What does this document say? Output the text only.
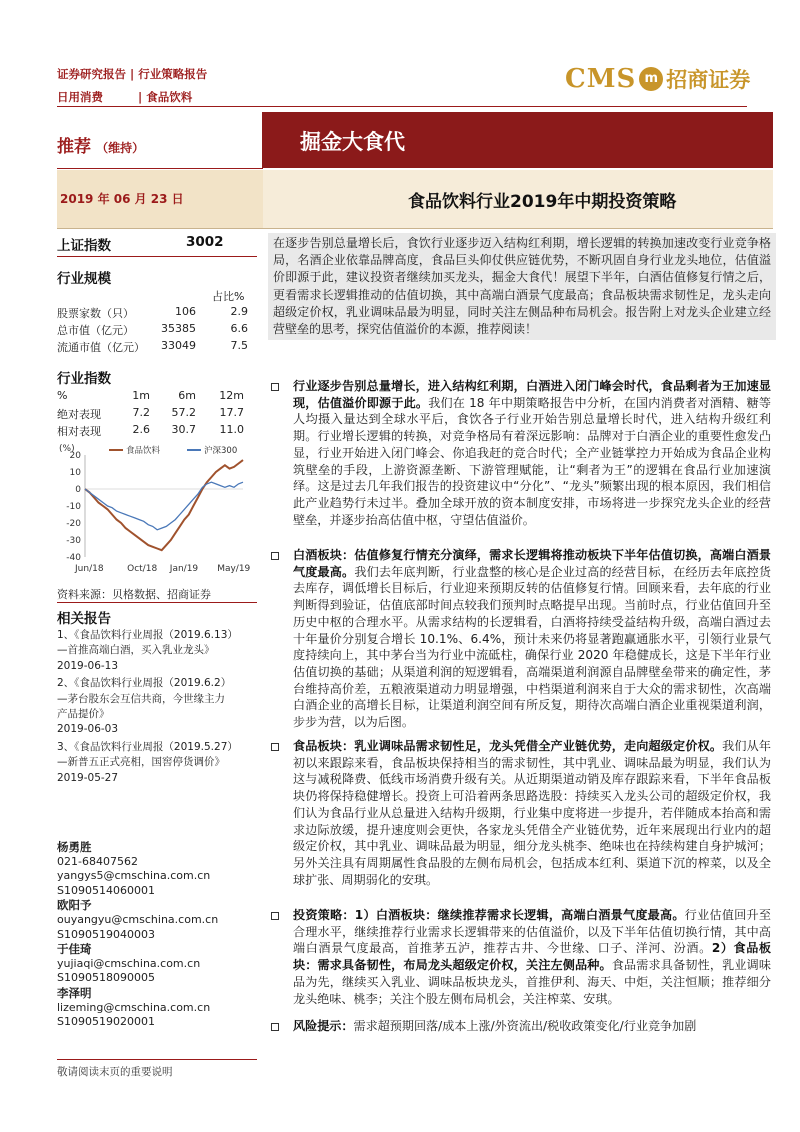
证券研究报告 | 行业策略报告
日用消费	| 食品饮料
CMS m 招商证券
推荐 （维持）	掘金大食代
2019 年 06 月 23 日	食品饮料行业2019年中期投资策略
上证指数	3002
行业规模
占比%
股票家数（只）	106	2.9
总市值（亿元）	35385	6.6
流通市值（亿元）	33049	7.5
行业指数
%	1m	6m	12m
绝对表现	7.2	57.2	17.7
相对表现	2.6	30.7	11.0
(%)
20
10
0
-10
-20
-30
-40
Jun/18	Oct/18 Jan/19 May/19
食品饮料	沪深300
资料来源：贝格数据、招商证券
相关报告
1、《食品饮料行业周报（2019.6.13）
—首推高端白酒，买入乳业龙头》
2019-06-13
2、《食品饮料行业周报（2019.6.2）
—茅台股东会互信共商，今世缘主力
产品提价》
2019-06-03
3、《食品饮料行业周报（2019.5.27）
—新普五正式亮相，国窖停货调价》
2019-05-27
杨勇胜
021-68407562
yangys5@cmschina.com.cn
S1090514060001
欧阳予
ouyangyu@cmschina.com.cn
S1090519040003
于佳琦
yujiaqi@cmschina.com.cn
S1090518090005
李泽明
lizeming@cmschina.com.cn
S1090519020001
敬请阅读末页的重要说明
在逐步告别总量增长后，食饮行业逐步迈入结构红利期，增长逻辑的转换加速改变行业竞争格局，名酒企业依靠品牌高度，食品巨头仰仗供应链优势，不断巩固自身行业龙头地位，估值溢价即源于此，建议投资者继续加买龙头，掘金大食代！展望下半年，白酒估值修复行情之后，更看需求长逻辑推动的估值切换，其中高端白酒景气度最高；食品板块需求韧性足，龙头走向超级定价权，乳业调味品最为明显，同时关注左侧品种布局机会。报告附上对龙头企业建立经营壁垒的思考，探究估值溢价的本源，推荐阅读！
行业逐步告别总量增长，进入结构红利期，白酒进入闭门峰会时代，食品剩者为王加速显现，估值溢价即源于此。我们在 18 年中期策略报告中分析，在国内消费者对酒精、糖等人均摄入量达到全球水平后，食饮各子行业开始告别总量增长时代，进入结构升级红利期。行业增长逻辑的转换，对竞争格局有着深远影响：品牌对于白酒企业的重要性愈发凸显，行业开始进入闭门峰会、你追我赶的竞合时代；全产业链掌控力开始成为食品企业构筑壁垒的手段，上游资源垄断、下游管理赋能，让“剩者为王”的逻辑在食品行业加速演绎。这是过去几年我们报告的投资建议中“分化”、“龙头”频繁出现的根本原因，我们相信此产业趋势行未过半。叠加全球开放的资本制度安排，市场将进一步探究龙头企业的经营壁垒，并逐步抬高估值中枢，守望估值溢价。
白酒板块：估值修复行情充分演绎，需求长逻辑将推动板块下半年估值切换，高端白酒景气度最高。我们去年底判断，行业盘整的核心是企业过高的经营目标，在经历去年底控货去库存，调低增长目标后，行业迎来预期反转的估值修复行情。回顾来看，去年底的行业判断得到验证，估值底部时间点较我们预判时点略提早出现。当前时点，行业估值回升至历史中枢的合理水平。从需求结构的长逻辑看，白酒将持续受益结构升级，高端白酒过去十年量价分别复合增长 10.1%、6.4%，预计未来仍将显著跑赢通胀水平，引领行业景气度持续向上，其中茅台当为行业中流砥柱，确保行业 2020 年稳健成长，这是下半年行业估值切换的基础；从渠道利润的短逻辑看，高端渠道利润源自品牌壁垒带来的确定性，茅台维持高价差，五粮液渠道动力明显增强，中档渠道利润来自于大众的需求韧性，次高端白酒企业的高增长目标，让渠道利润空间有所反复，期待次高端白酒企业重视渠道利润，步步为营，以为后图。
食品板块：乳业调味品需求韧性足，龙头凭借全产业链优势，走向超级定价权。我们从年初以来跟踪来看，食品板块保持相当的需求韧性，其中乳业、调味品最为明显，我们认为这与减税降费、低线市场消费升级有关。从近期渠道动销及库存跟踪来看，下半年食品板块仍将保持稳健增长。投资上可沿着两条思路选股：持续买入龙头公司的超级定价权，我们认为食品行业从总量进入结构升级期，行业集中度将进一步提升，若伴随成本抬高和需求边际放缓，提升速度则会更快，各家龙头凭借全产业链优势，近年来展现出行业内的超级定价权，其中乳业、调味品最为明显，细分龙头桃李、绝味也在持续构建自身护城河；另外关注具有周期属性食品股的左侧布局机会，包括成本红利、渠道下沉的榨菜，以及全球扩张、周期弱化的安琪。
投资策略：1）白酒板块：继续推荐需求长逻辑，高端白酒景气度最高。行业估值回升至合理水平，继续推荐行业需求长逻辑带来的估值溢价，以及下半年估值切换行情，其中高端白酒景气度最高，首推茅五泸，推荐古井、今世缘、口子、洋河、汾酒。2）食品板块：需求具备韧性，布局龙头超级定价权，关注左侧品种。食品需求具备韧性，乳业调味品为先，继续买入乳业、调味品板块龙头，首推伊利、海天、中炬，关注恒顺；推荐细分龙头绝味、桃李；关注个股左侧布局机会，关注榨菜、安琪。
风险提示：需求超预期回落/成本上涨/外资流出/税收政策变化/行业竞争加剧
